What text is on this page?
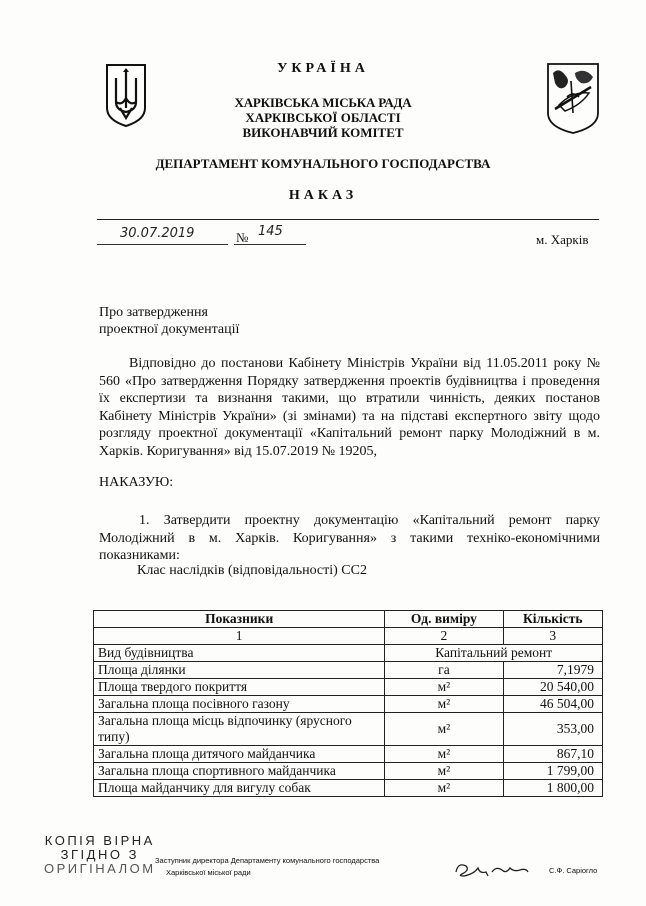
УКРАЇНА
ХАРКІВСЬКА МІСЬКА РАДА
ХАРКІВСЬКОЇ ОБЛАСТІ
ВИКОНАВЧИЙ КОМІТЕТ
ДЕПАРТАМЕНТ КОМУНАЛЬНОГО ГОСПОДАРСТВА
НАКАЗ
30.07.2019	№ 145
м. Харків
Про затвердження
проектної документації
Відповідно до постанови Кабінету Міністрів України від 11.05.2011 року № 560 «Про затвердження Порядку затвердження проектів будівництва і проведення їх експертизи та визнання такими, що втратили чинність, деяких постанов Кабінету Міністрів України» (зі змінами) та на підставі експертного звіту щодо розгляду проектної документації «Капітальний ремонт парку Молодіжний в м. Харків. Коригування» від 15.07.2019 № 19205,
НАКАЗУЮ:
1. Затвердити проектну документацію «Капітальний ремонт парку Молодіжний в м. Харків. Коригування» з такими техніко-економічними показниками:
Клас наслідків (відповідальності) СС2
Показники	Од. виміру	Кількість
1	2	3
Вид будівництва	Капітальний ремонт	
Площа ділянки	га	7,1979
Площа твердого покриття	м²	20 540,00
Загальна площа посівного газону	м²	46 504,00
Загальна площа місць відпочинку (ярусного типу)	м²	353,00
Загальна площа дитячого майданчика	м²	867,10
Загальна площа спортивного майданчика	м²	1 799,00
Площа майданчику для вигулу собак	м²	1 800,00
КОПІЯ ВІРНА
ЗГІДНО З
ОРИГІНАЛОМ
Заступник директора Департаменту комунального господарства
Харківської міської ради	С.Ф. Саріогло
